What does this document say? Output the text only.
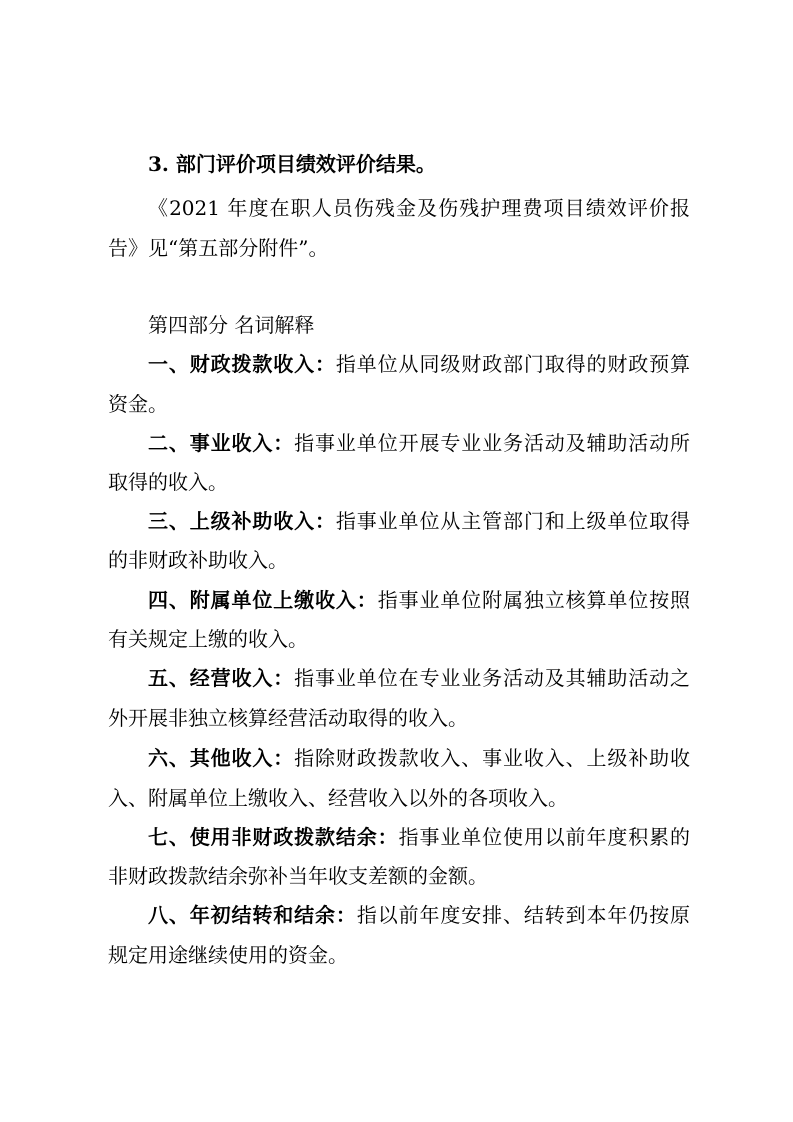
3. 部门评价项目绩效评价结果。
《2021 年度在职人员伤残金及伤残护理费项目绩效评价报
告》见“第五部分附件”。
第四部分 名词解释
一、财政拨款收入：指单位从同级财政部门取得的财政预算
资金。
二、事业收入：指事业单位开展专业业务活动及辅助活动所
取得的收入。
三、上级补助收入：指事业单位从主管部门和上级单位取得
的非财政补助收入。
四、附属单位上缴收入：指事业单位附属独立核算单位按照
有关规定上缴的收入。
五、经营收入：指事业单位在专业业务活动及其辅助活动之
外开展非独立核算经营活动取得的收入。
六、其他收入：指除财政拨款收入、事业收入、上级补助收
入、附属单位上缴收入、经营收入以外的各项收入。
七、使用非财政拨款结余：指事业单位使用以前年度积累的
非财政拨款结余弥补当年收支差额的金额。
八、年初结转和结余：指以前年度安排、结转到本年仍按原
规定用途继续使用的资金。
